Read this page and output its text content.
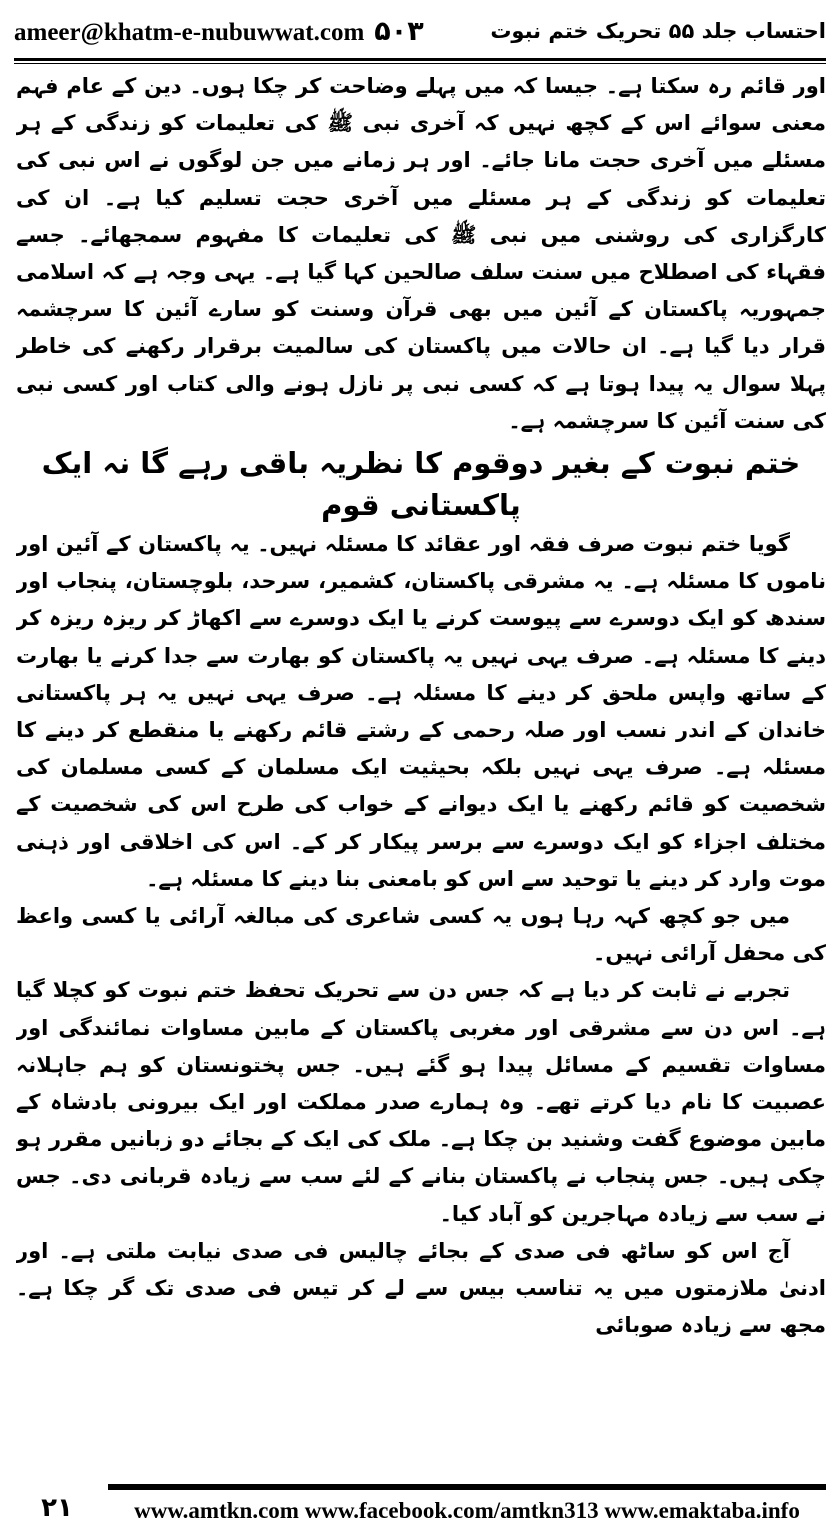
ameer@khatm-e-nubuwwat.com ۵۰۳	احتساب جلد ۵۵ تحریک ختم نبوت

اور قائم رہ سکتا ہے۔ جیسا کہ میں پہلے وضاحت کر چکا ہوں۔ دین کے عام فہم معنی سوائے اس کے کچھ نہیں کہ آخری نبی ﷺ کی تعلیمات کو زندگی کے ہر مسئلے میں آخری حجت مانا جائے۔ اور ہر زمانے میں جن لوگوں نے اس نبی کی تعلیمات کو زندگی کے ہر مسئلے میں آخری حجت تسلیم کیا ہے۔ ان کی کارگزاری کی روشنی میں نبی ﷺ کی تعلیمات کا مفہوم سمجھائے۔ جسے فقہاء کی اصطلاح میں سنت سلف صالحین کہا گیا ہے۔ یہی وجہ ہے کہ اسلامی جمہوریہ پاکستان کے آئین میں بھی قرآن وسنت کو سارے آئین کا سرچشمہ قرار دیا گیا ہے۔ ان حالات میں پاکستان کی سالمیت برقرار رکھنے کی خاطر پہلا سوال یہ پیدا ہوتا ہے کہ کسی نبی پر نازل ہونے والی کتاب اور کسی نبی کی سنت آئین کا سرچشمہ ہے۔

ختم نبوت کے بغیر دوقوم کا نظریہ باقی رہے گا نہ ایک پاکستانی قوم

گویا ختم نبوت صرف فقہ اور عقائد کا مسئلہ نہیں۔ یہ پاکستان کے آئین اور ناموں کا مسئلہ ہے۔ یہ مشرقی پاکستان، کشمیر، سرحد، بلوچستان، پنجاب اور سندھ کو ایک دوسرے سے پیوست کرنے یا ایک دوسرے سے اکھاڑ کر ریزہ ریزہ کر دینے کا مسئلہ ہے۔ صرف یہی نہیں یہ پاکستان کو بھارت سے جدا کرنے یا بھارت کے ساتھ واپس ملحق کر دینے کا مسئلہ ہے۔ صرف یہی نہیں یہ ہر پاکستانی خاندان کے اندر نسب اور صلہ رحمی کے رشتے قائم رکھنے یا منقطع کر دینے کا مسئلہ ہے۔ صرف یہی نہیں بلکہ بحیثیت ایک مسلمان کے کسی مسلمان کی شخصیت کو قائم رکھنے یا ایک دیوانے کے خواب کی طرح اس کی شخصیت کے مختلف اجزاء کو ایک دوسرے سے برسر پیکار کر کے۔ اس کی اخلاقی اور ذہنی موت وارد کر دینے یا توحید سے اس کو بامعنی بنا دینے کا مسئلہ ہے۔

میں جو کچھ کہہ رہا ہوں یہ کسی شاعری کی مبالغہ آرائی یا کسی واعظ کی محفل آرائی نہیں۔

تجربے نے ثابت کر دیا ہے کہ جس دن سے تحریک تحفظ ختم نبوت کو کچلا گیا ہے۔ اس دن سے مشرقی اور مغربی پاکستان کے مابین مساوات نمائندگی اور مساوات تقسیم کے مسائل پیدا ہو گئے ہیں۔ جس پختونستان کو ہم جاہلانہ عصبیت کا نام دیا کرتے تھے۔ وہ ہمارے صدر مملکت اور ایک بیرونی بادشاہ کے مابین موضوع گفت وشنید بن چکا ہے۔ ملک کی ایک کے بجائے دو زبانیں مقرر ہو چکی ہیں۔ جس پنجاب نے پاکستان بنانے کے لئے سب سے زیادہ قربانی دی۔ جس نے سب سے زیادہ مہاجرین کو آباد کیا۔

آج اس کو ساٹھ فی صدی کے بجائے چالیس فی صدی نیابت ملتی ہے۔ اور ادنیٰ ملازمتوں میں یہ تناسب بیس سے لے کر تیس فی صدی تک گر چکا ہے۔ مجھ سے زیادہ صوبائی

۲۱	www.amtkn.com www.facebook.com/amtkn313 www.emaktaba.info
